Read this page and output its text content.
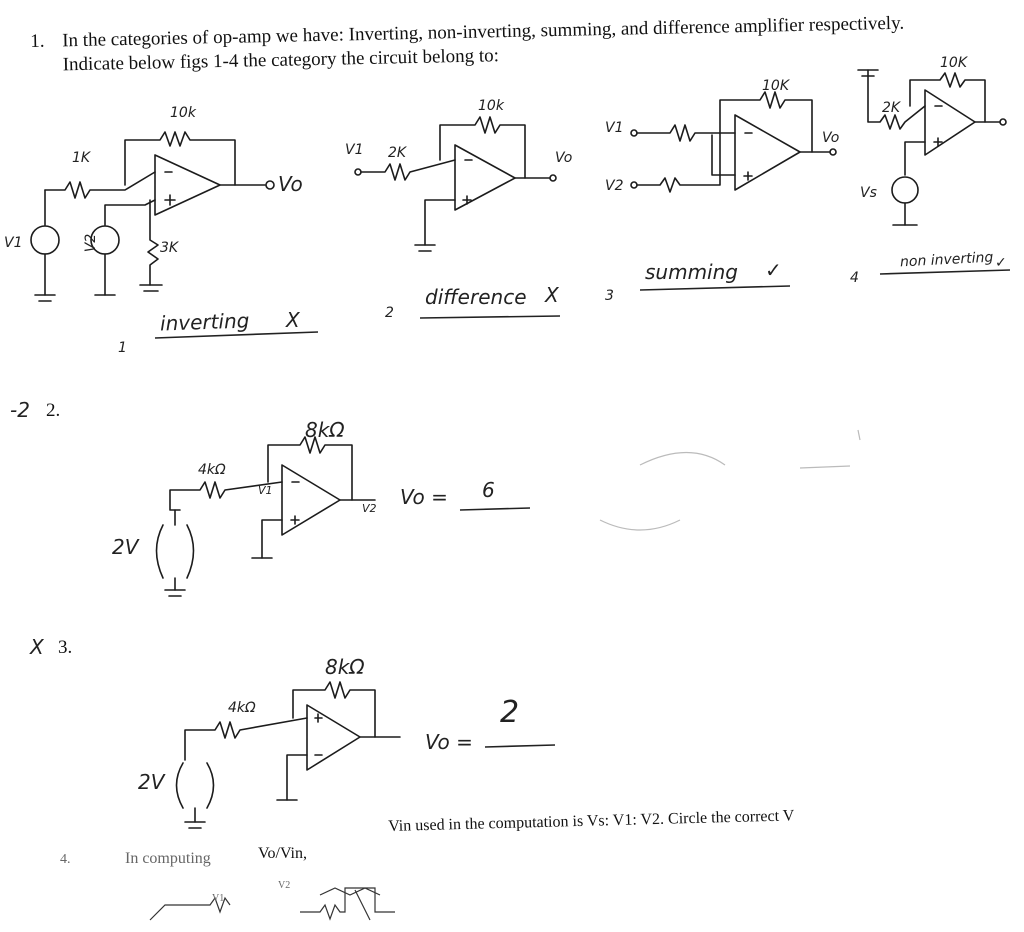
1. In the categories of op-amp we have: Inverting, non-inverting, summing, and difference amplifier respectively.
Indicate below figs 1-4 the category the circuit belong to:
10k
1K
3K
V1	V2
Vo
1
inverting X
10k
2K
V1	Vo
2
difference X
10K
V1
V2
Vo
3
summing ✓
10K
2K
Vs
4
non inverting ✓
-2 2.
8kΩ
4kΩ
2V
V1
V2 Vo = 6
X 3.
8kΩ
4kΩ
2V
Vo =
2
4.	In computing	Vo/Vin,
Vin used in the computation is Vs: V1: V2. Circle the correct V
V1
V2
